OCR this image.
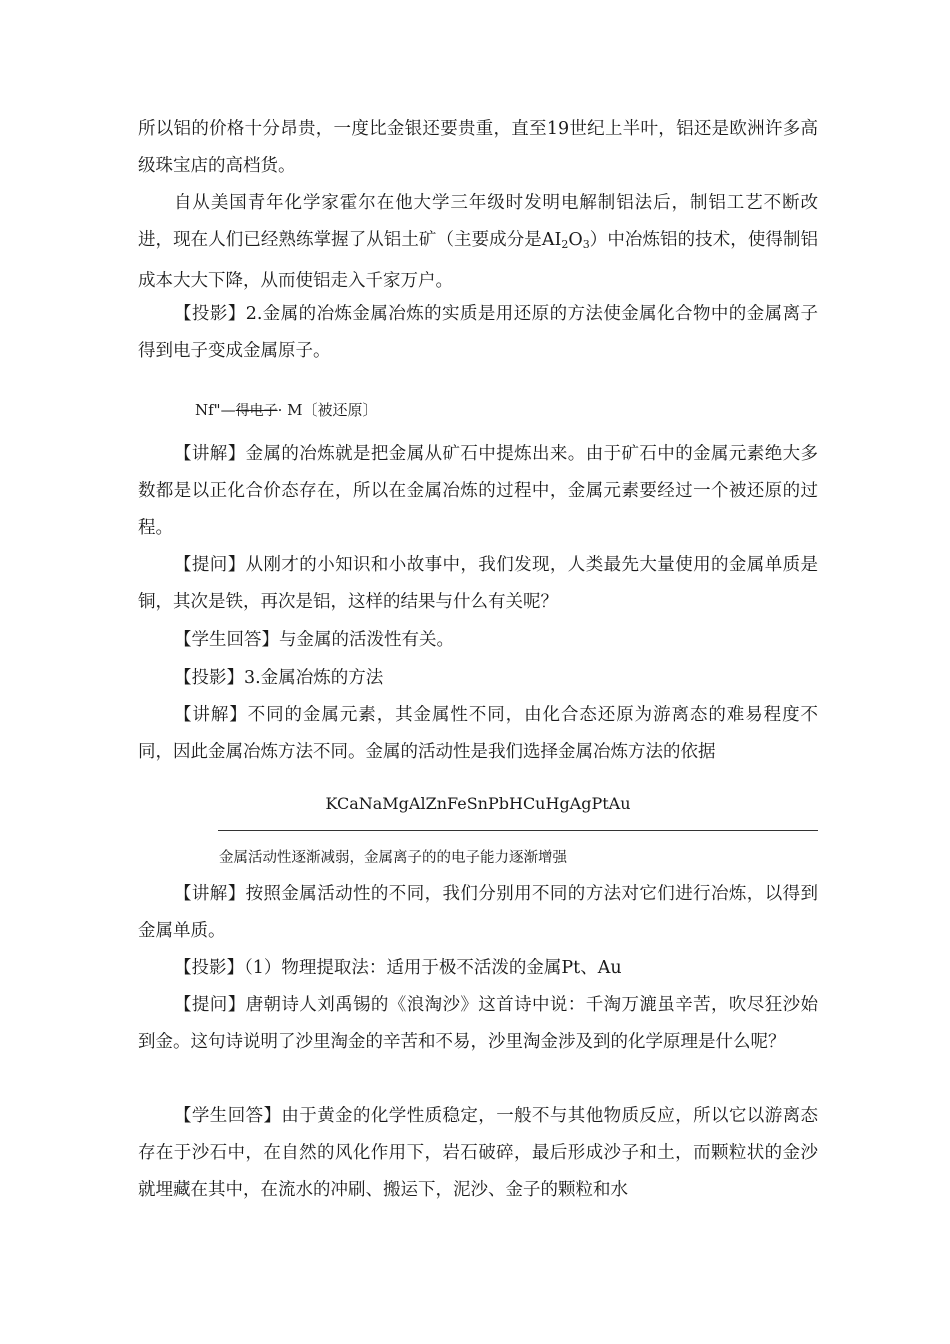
所以铝的价格十分昂贵，一度比金银还要贵重，直至19世纪上半叶，铝还是欧洲许多高级珠宝店的高档货。

自从美国青年化学家霍尔在他大学三年级时发明电解制铝法后，制铝工艺不断改进，现在人们已经熟练掌握了从铝土矿（主要成分是$AI_2O_3$）中冶炼铝的技术，使得制铝成本大大下降，从而使铝走入千家万户。

【投影】2.金属的冶炼金属冶炼的实质是用还原的方法使金属化合物中的金属离子得到电子变成金属原子。

Nf"—得电子· M〔被还原〕

【讲解】金属的冶炼就是把金属从矿石中提炼出来。由于矿石中的金属元素绝大多数都是以正化合价态存在，所以在金属冶炼的过程中，金属元素要经过一个被还原的过程。

【提问】从刚才的小知识和小故事中，我们发现，人类最先大量使用的金属单质是铜，其次是铁，再次是铝，这样的结果与什么有关呢？

【学生回答】与金属的活泼性有关。

【投影】3.金属冶炼的方法

【讲解】不同的金属元素，其金属性不同，由化合态还原为游离态的难易程度不同，因此金属冶炼方法不同。金属的活动性是我们选择金属冶炼方法的依据

KCaNaMgAlZnFeSnPbHCuHgAgPtAu
金属活动性逐渐减弱，金属离子的的电子能力逐渐增强

【讲解】按照金属活动性的不同，我们分别用不同的方法对它们进行冶炼，以得到金属单质。

【投影】（1）物理提取法：适用于极不活泼的金属Pt、Au

【提问】唐朝诗人刘禹锡的《浪淘沙》这首诗中说：千淘万漉虽辛苦，吹尽狂沙始到金。这句诗说明了沙里淘金的辛苦和不易，沙里淘金涉及到的化学原理是什么呢？

【学生回答】由于黄金的化学性质稳定，一般不与其他物质反应，所以它以游离态存在于沙石中，在自然的风化作用下，岩石破碎，最后形成沙子和土，而颗粒状的金沙就埋藏在其中，在流水的冲刷、搬运下，泥沙、金子的颗粒和水
